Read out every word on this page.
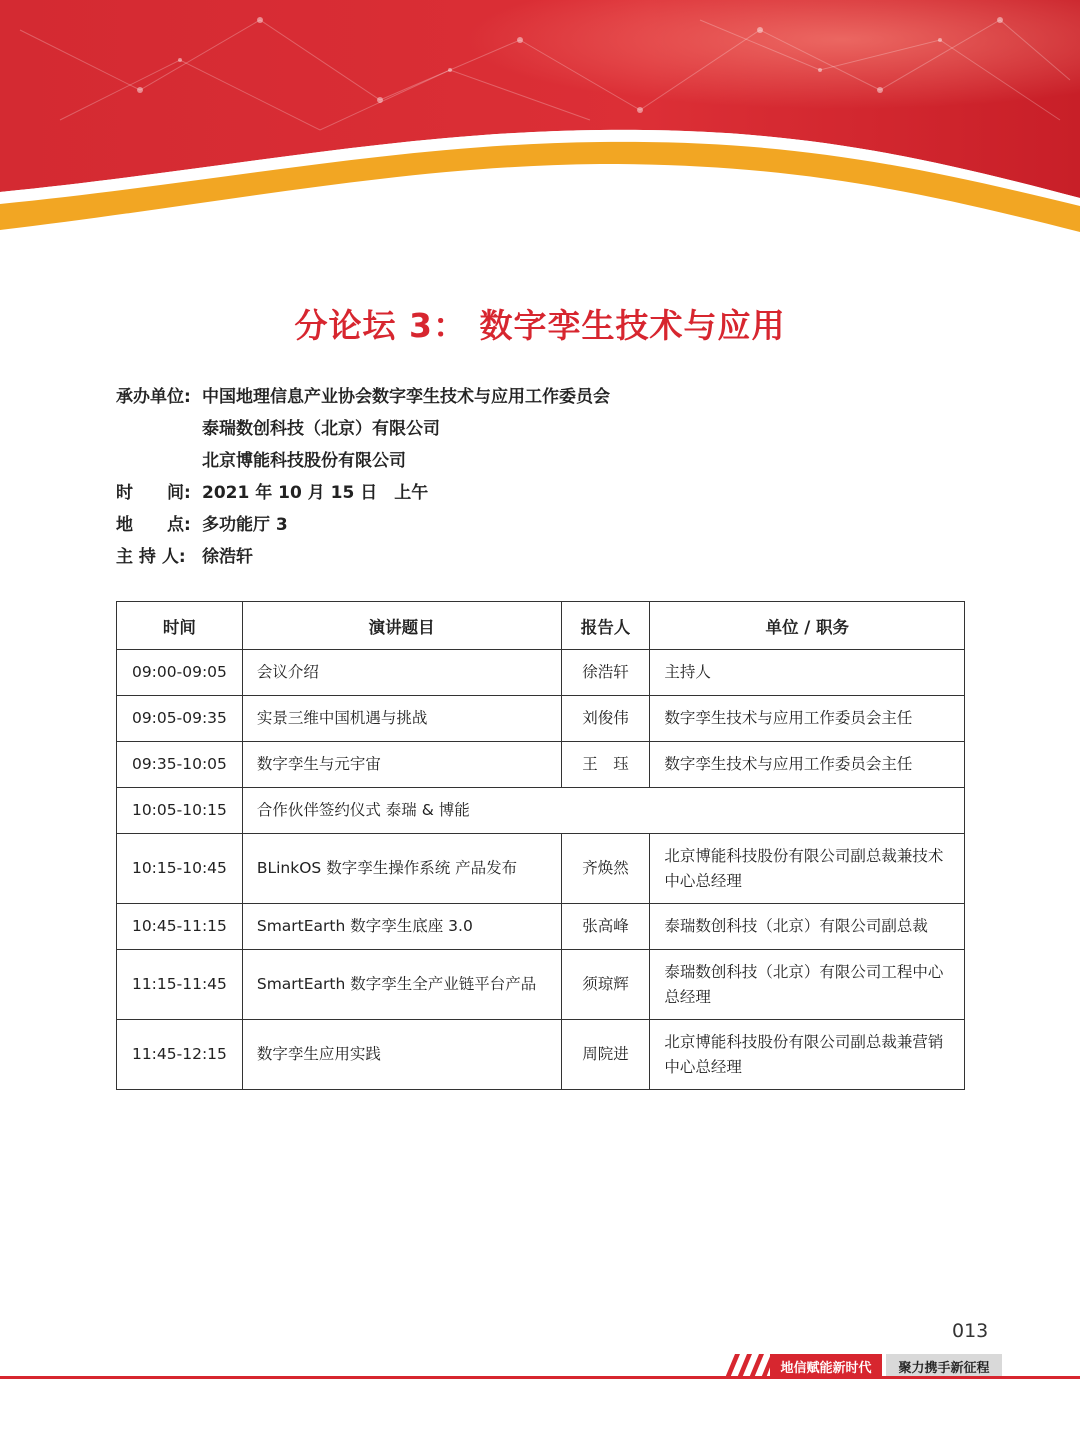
分论坛 3： 数字孪生技术与应用
承办单位: 中国地理信息产业协会数字孪生技术与应用工作委员会
泰瑞数创科技（北京）有限公司
北京博能科技股份有限公司
时　　间: 2021 年 10 月 15 日　上午
地　　点: 多功能厅 3
主 持 人: 徐浩轩
时间	演讲题目	报告人	单位 / 职务
09:00-09:05	会议介绍	徐浩轩	主持人
09:05-09:35	实景三维中国机遇与挑战	刘俊伟	数字孪生技术与应用工作委员会主任
09:35-10:05	数字孪生与元宇宙	王　珏	数字孪生技术与应用工作委员会主任
10:05-10:15	合作伙伴签约仪式 泰瑞 & 博能		
10:15-10:45	BLinkOS 数字孪生操作系统 产品发布	齐焕然	北京博能科技股份有限公司副总裁兼技术中心总经理
10:45-11:15	SmartEarth 数字孪生底座 3.0	张高峰	泰瑞数创科技（北京）有限公司副总裁
11:15-11:45	SmartEarth 数字孪生全产业链平台产品	须琼辉	泰瑞数创科技（北京）有限公司工程中心总经理
11:45-12:15	数字孪生应用实践	周院进	北京博能科技股份有限公司副总裁兼营销中心总经理
013
地信赋能新时代	聚力携手新征程
